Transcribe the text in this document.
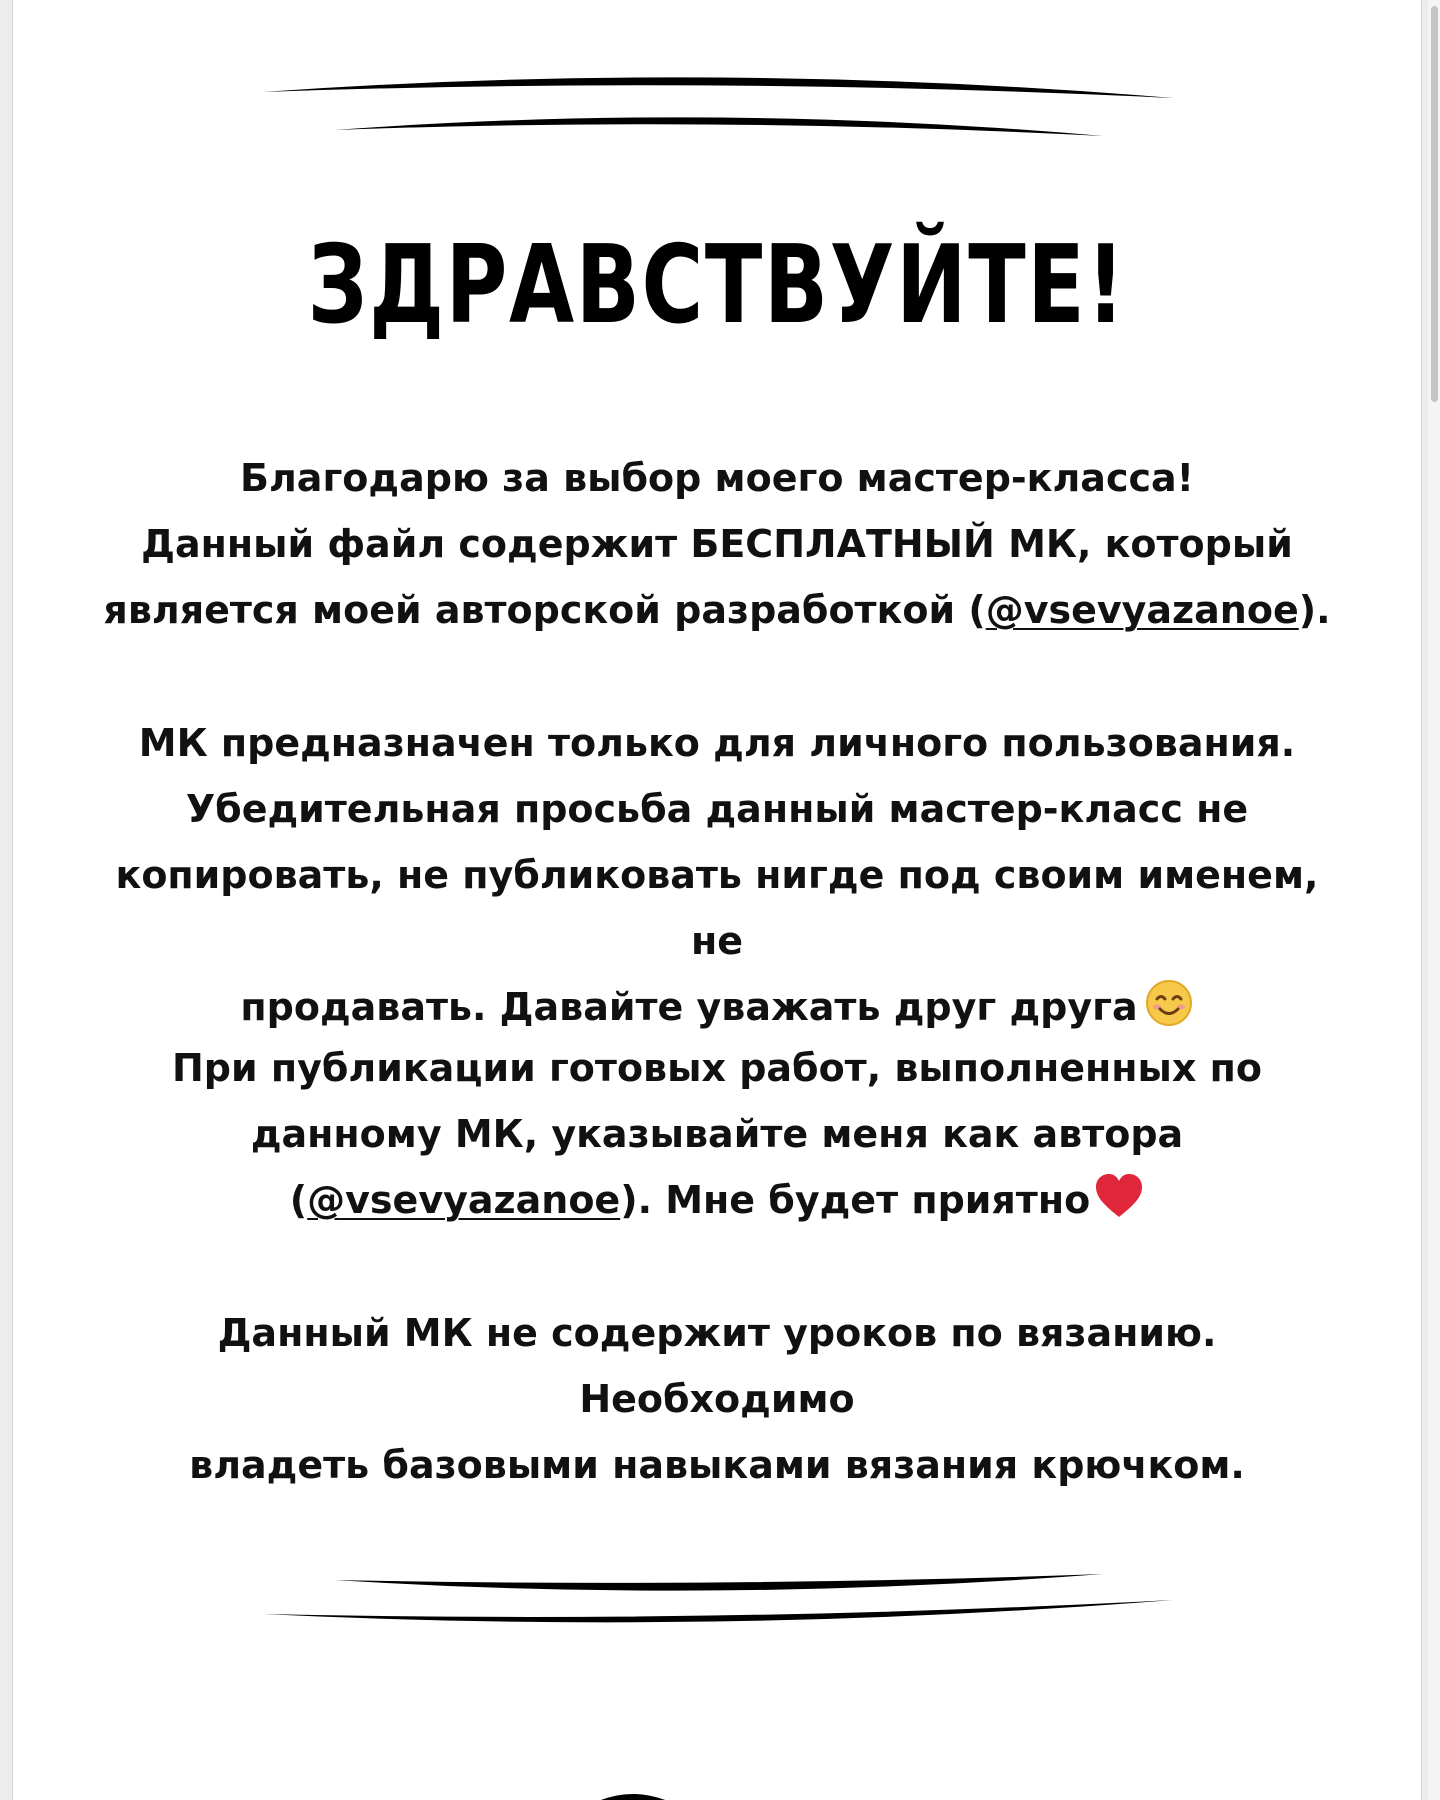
ЗДРАВСТВУЙТЕ!

Благодарю за выбор моего мастер-класса!

Данный файл содержит БЕСПЛАТНЫЙ МК, который

является моей авторской разработкой (@vsevyazanoe).

МК предназначен только для личного пользования.

Убедительная просьба данный мастер-класс не

копировать, не публиковать нигде под своим именем, не

продавать. Давайте уважать друг друга

При публикации готовых работ, выполненных по

данному МК, указывайте меня как автора

(@vsevyazanoe). Мне будет приятно

Данный МК не содержит уроков по вязанию. Необходимо

владеть базовыми навыками вязания крючком.
